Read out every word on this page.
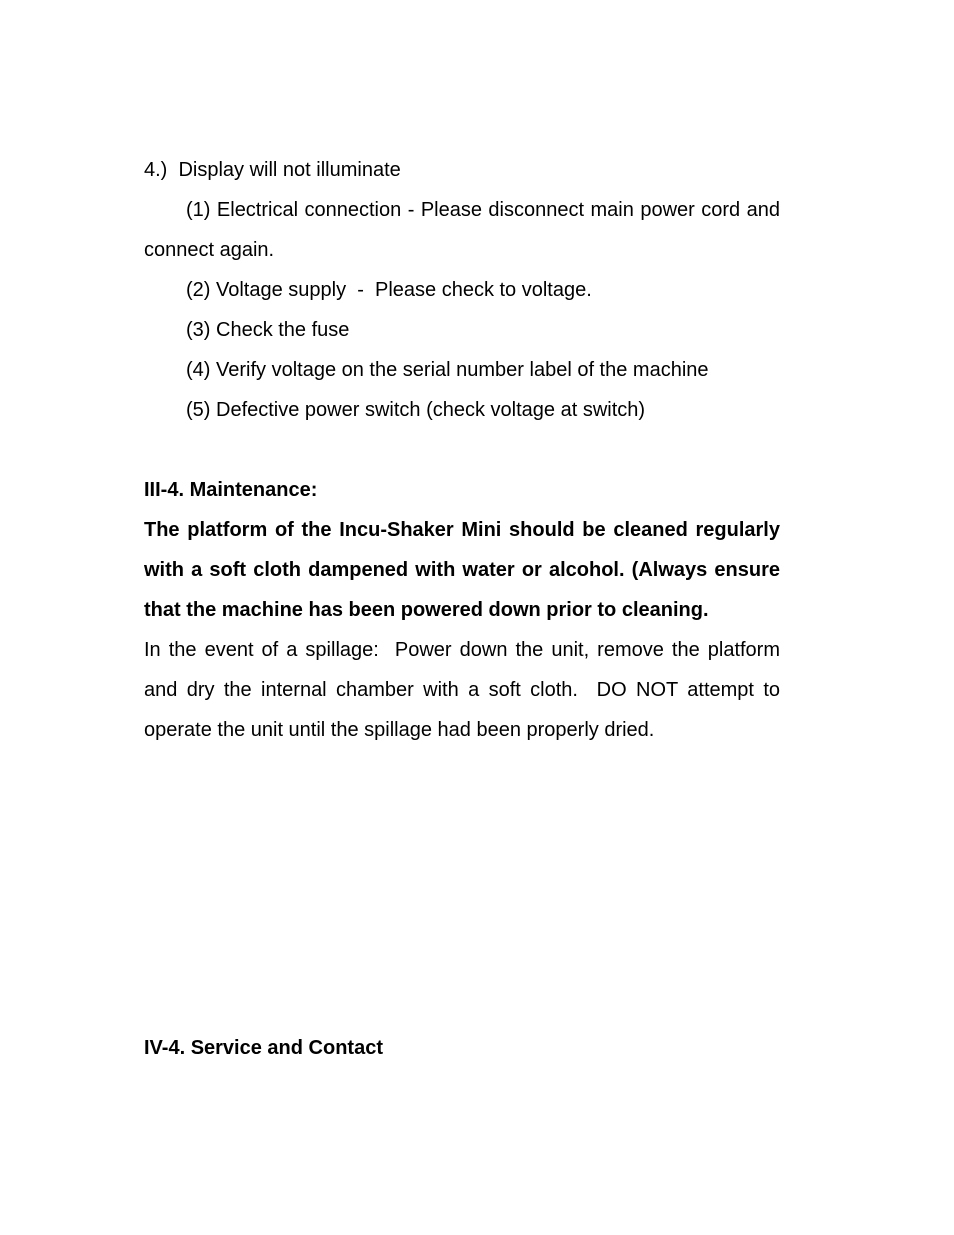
4.)  Display will not illuminate
(1) Electrical connection - Please disconnect main power cord and connect again.
(2) Voltage supply  -  Please check to voltage.
(3) Check the fuse
(4) Verify voltage on the serial number label of the machine
(5) Defective power switch (check voltage at switch)
III-4. Maintenance:
The platform of the Incu-Shaker Mini should be cleaned regularly with a soft cloth dampened with water or alcohol. (Always ensure that the machine has been powered down prior to cleaning.
In the event of a spillage:  Power down the unit, remove the platform and dry the internal chamber with a soft cloth.  DO NOT attempt to operate the unit until the spillage had been properly dried.
IV-4. Service and Contact
